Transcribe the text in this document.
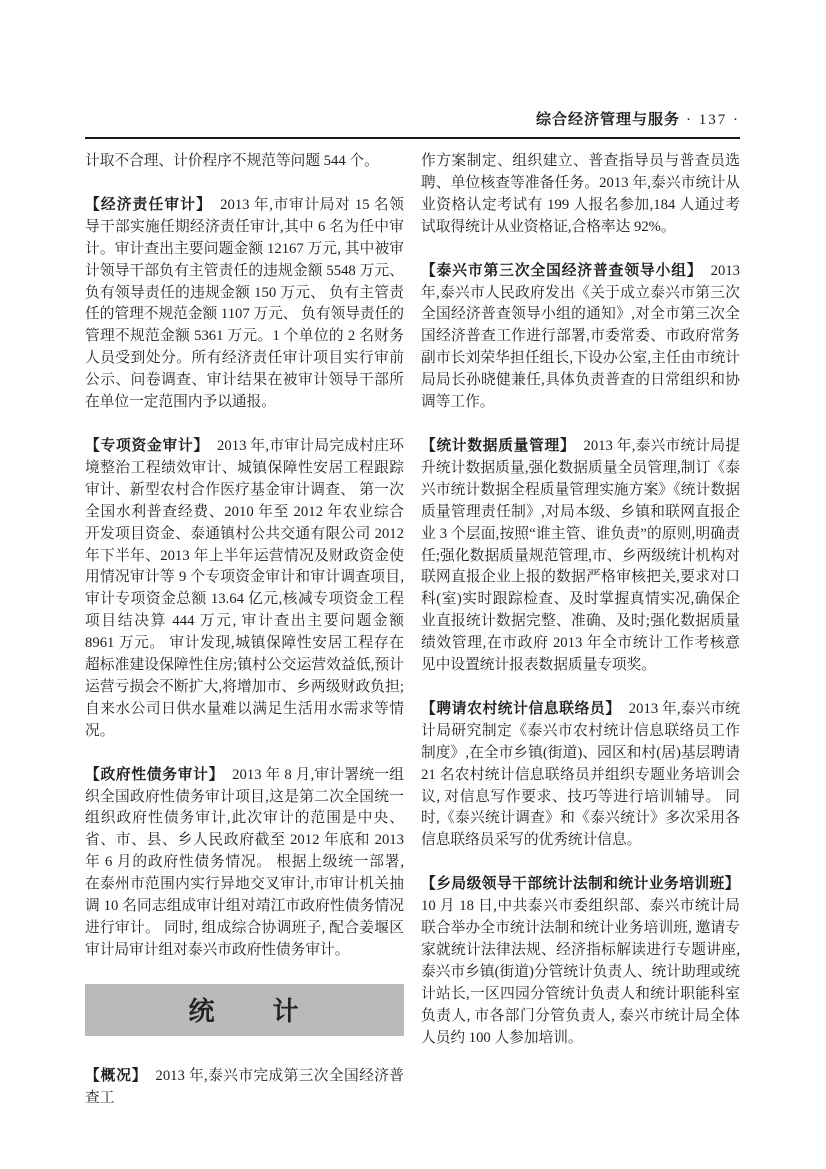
综合经济管理与服务 · 137 ·

计取不合理、计价程序不规范等问题 544 个。

【经济责任审计】 2013 年,市审计局对 15 名领导干部实施任期经济责任审计,其中 6 名为任中审计。审计查出主要问题金额 12167 万元, 其中被审计领导干部负有主管责任的违规金额 5548 万元、负有领导责任的违规金额 150 万元、 负有主管责任的管理不规范金额 1107 万元、 负有领导责任的管理不规范金额 5361 万元。1 个单位的 2 名财务人员受到处分。所有经济责任审计项目实行审前公示、问卷调查、审计结果在被审计领导干部所在单位一定范围内予以通报。

【专项资金审计】 2013 年,市审计局完成村庄环境整治工程绩效审计、城镇保障性安居工程跟踪审计、新型农村合作医疗基金审计调查、 第一次全国水利普查经费、2010 年至 2012 年农业综合开发项目资金、泰通镇村公共交通有限公司 2012 年下半年、2013 年上半年运营情况及财政资金使用情况审计等 9 个专项资金审计和审计调查项目,审计专项资金总额 13.64 亿元,核减专项资金工程项目结决算 444 万元, 审计查出主要问题金额 8961 万元。 审计发现,城镇保障性安居工程存在超标准建设保障性住房;镇村公交运营效益低,预计运营亏损会不断扩大,将增加市、乡两级财政负担;自来水公司日供水量难以满足生活用水需求等情况。

【政府性债务审计】 2013 年 8 月,审计署统一组织全国政府性债务审计项目,这是第二次全国统一组织政府性债务审计,此次审计的范围是中央、省、市、县、乡人民政府截至 2012 年底和 2013 年 6 月的政府性债务情况。 根据上级统一部署, 在泰州市范围内实行异地交叉审计,市审计机关抽调 10 名同志组成审计组对靖江市政府性债务情况进行审计。 同时, 组成综合协调班子, 配合姜堰区审计局审计组对泰兴市政府性债务审计。

统　　计

【概况】 2013 年,泰兴市完成第三次全国经济普查工

作方案制定、组织建立、普查指导员与普查员选聘、单位核查等准备任务。2013 年,泰兴市统计从业资格认定考试有 199 人报名参加,184 人通过考试取得统计从业资格证,合格率达 92%。

【泰兴市第三次全国经济普查领导小组】 2013 年,泰兴市人民政府发出《关于成立泰兴市第三次全国经济普查领导小组的通知》,对全市第三次全国经济普查工作进行部署,市委常委、市政府常务副市长刘荣华担任组长,下设办公室,主任由市统计局局长孙晓健兼任,具体负责普查的日常组织和协调等工作。

【统计数据质量管理】 2013 年,泰兴市统计局提升统计数据质量,强化数据质量全员管理,制订《泰兴市统计数据全程质量管理实施方案》《统计数据质量管理责任制》,对局本级、乡镇和联网直报企业 3 个层面,按照“谁主管、谁负责”的原则,明确责任;强化数据质量规范管理,市、乡两级统计机构对联网直报企业上报的数据严格审核把关,要求对口科(室)实时跟踪检查、及时掌握真情实况,确保企业直报统计数据完整、准确、及时;强化数据质量绩效管理,在市政府 2013 年全市统计工作考核意见中设置统计报表数据质量专项奖。

【聘请农村统计信息联络员】 2013 年,泰兴市统计局研究制定《泰兴市农村统计信息联络员工作制度》,在全市乡镇(街道)、园区和村(居)基层聘请 21 名农村统计信息联络员并组织专题业务培训会议, 对信息写作要求、技巧等进行培训辅导。 同时,《泰兴统计调查》和《泰兴统计》多次采用各信息联络员采写的优秀统计信息。

【乡局级领导干部统计法制和统计业务培训班】10 月 18 日,中共泰兴市委组织部、泰兴市统计局联合举办全市统计法制和统计业务培训班, 邀请专家就统计法律法规、经济指标解读进行专题讲座, 泰兴市乡镇(街道)分管统计负责人、统计助理或统计站长,一区四园分管统计负责人和统计职能科室负责人, 市各部门分管负责人, 泰兴市统计局全体人员约 100 人参加培训。
